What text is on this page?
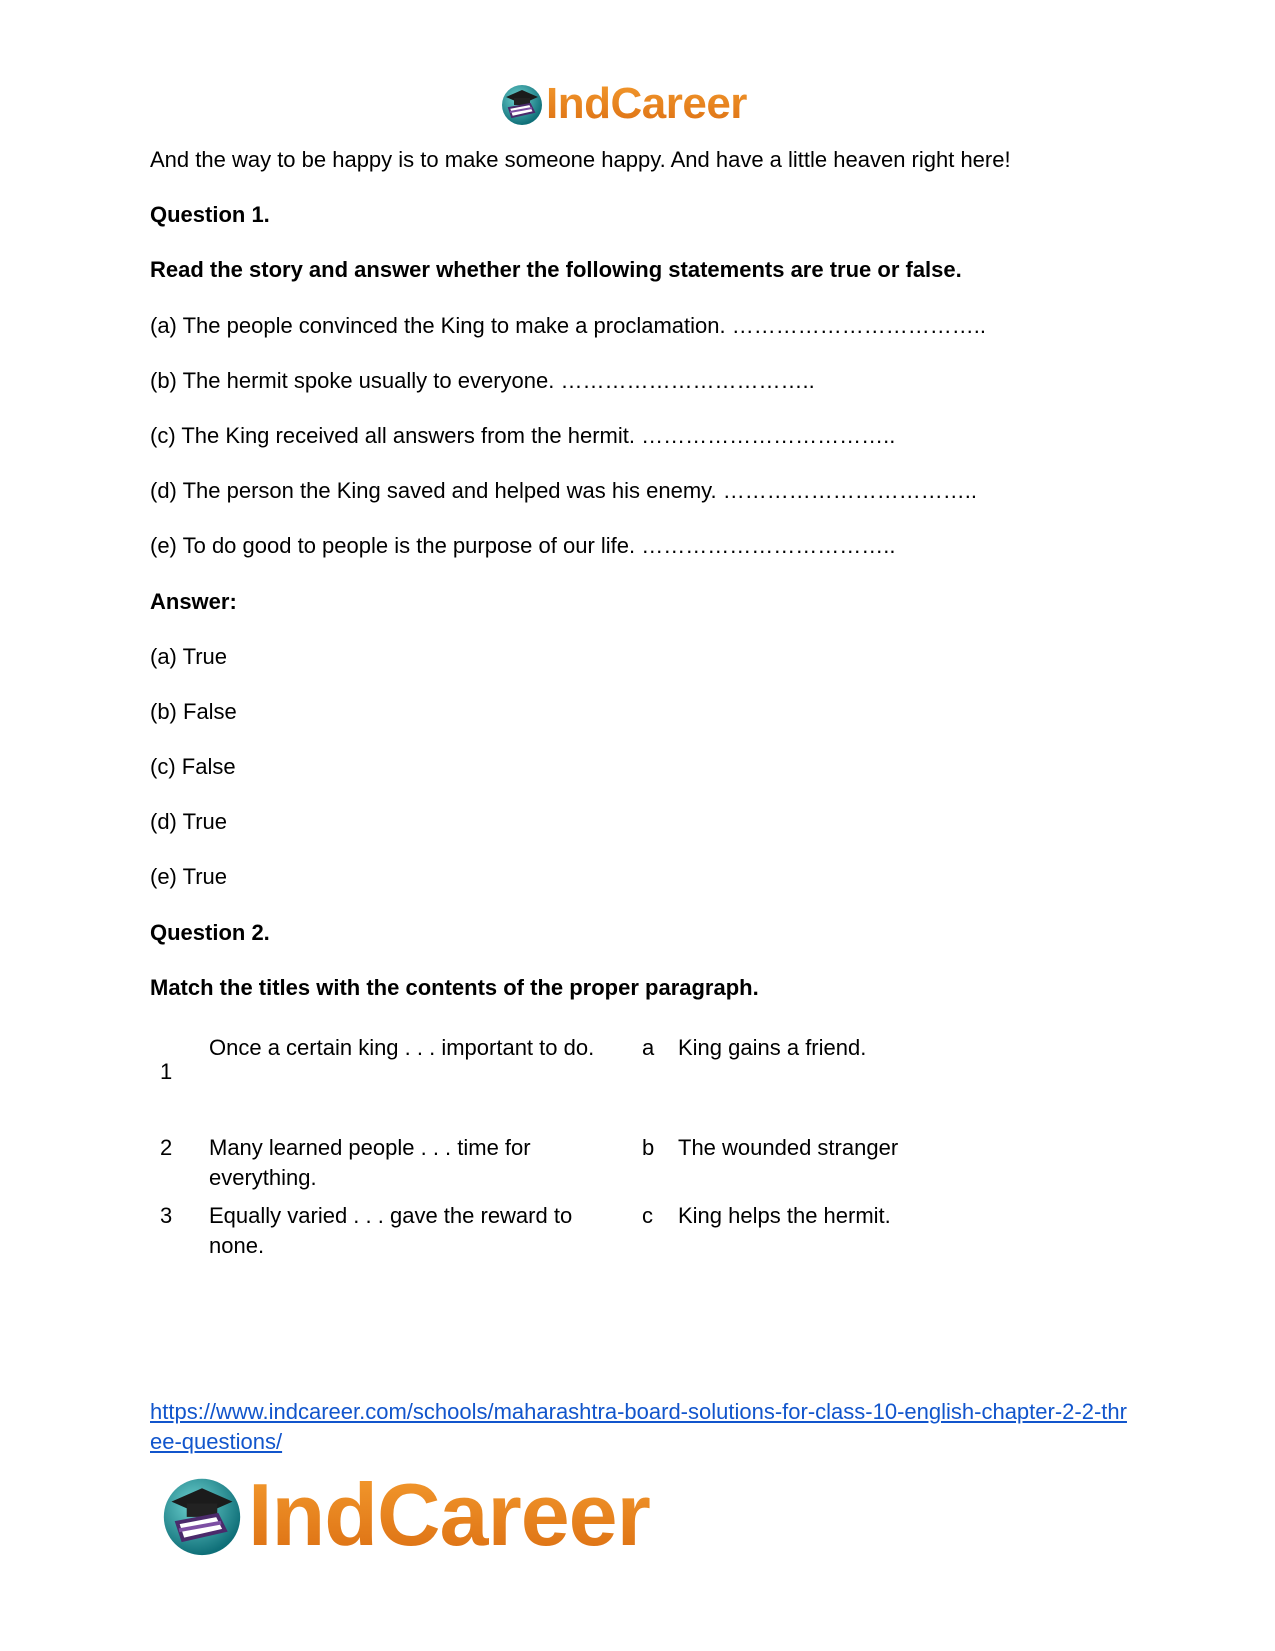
IndCareer

And the way to be happy is to make someone happy. And have a little heaven right here!

Question 1.

Read the story and answer whether the following statements are true or false.

(a) The people convinced the King to make a proclamation. ……………………………..

(b) The hermit spoke usually to everyone. ……………………………..

(c) The King received all answers from the hermit. ……………………………..

(d) The person the King saved and helped was his enemy. ……………………………..

(e) To do good to people is the purpose of our life. ……………………………..

Answer:

(a) True

(b) False

(c) False

(d) True

(e) True

Question 2.

Match the titles with the contents of the proper paragraph.

1
Once a certain king . . . important to do.	a King gains a friend.
2 Many learned people . . . time for everything.
b The wounded stranger
3 Equally varied . . . gave the reward to none.
c King helps the hermit.
https://www.indcareer.com/schools/maharashtra-board-solutions-for-class-10-english-chapter-2-2-three-questions/
IndCareer
